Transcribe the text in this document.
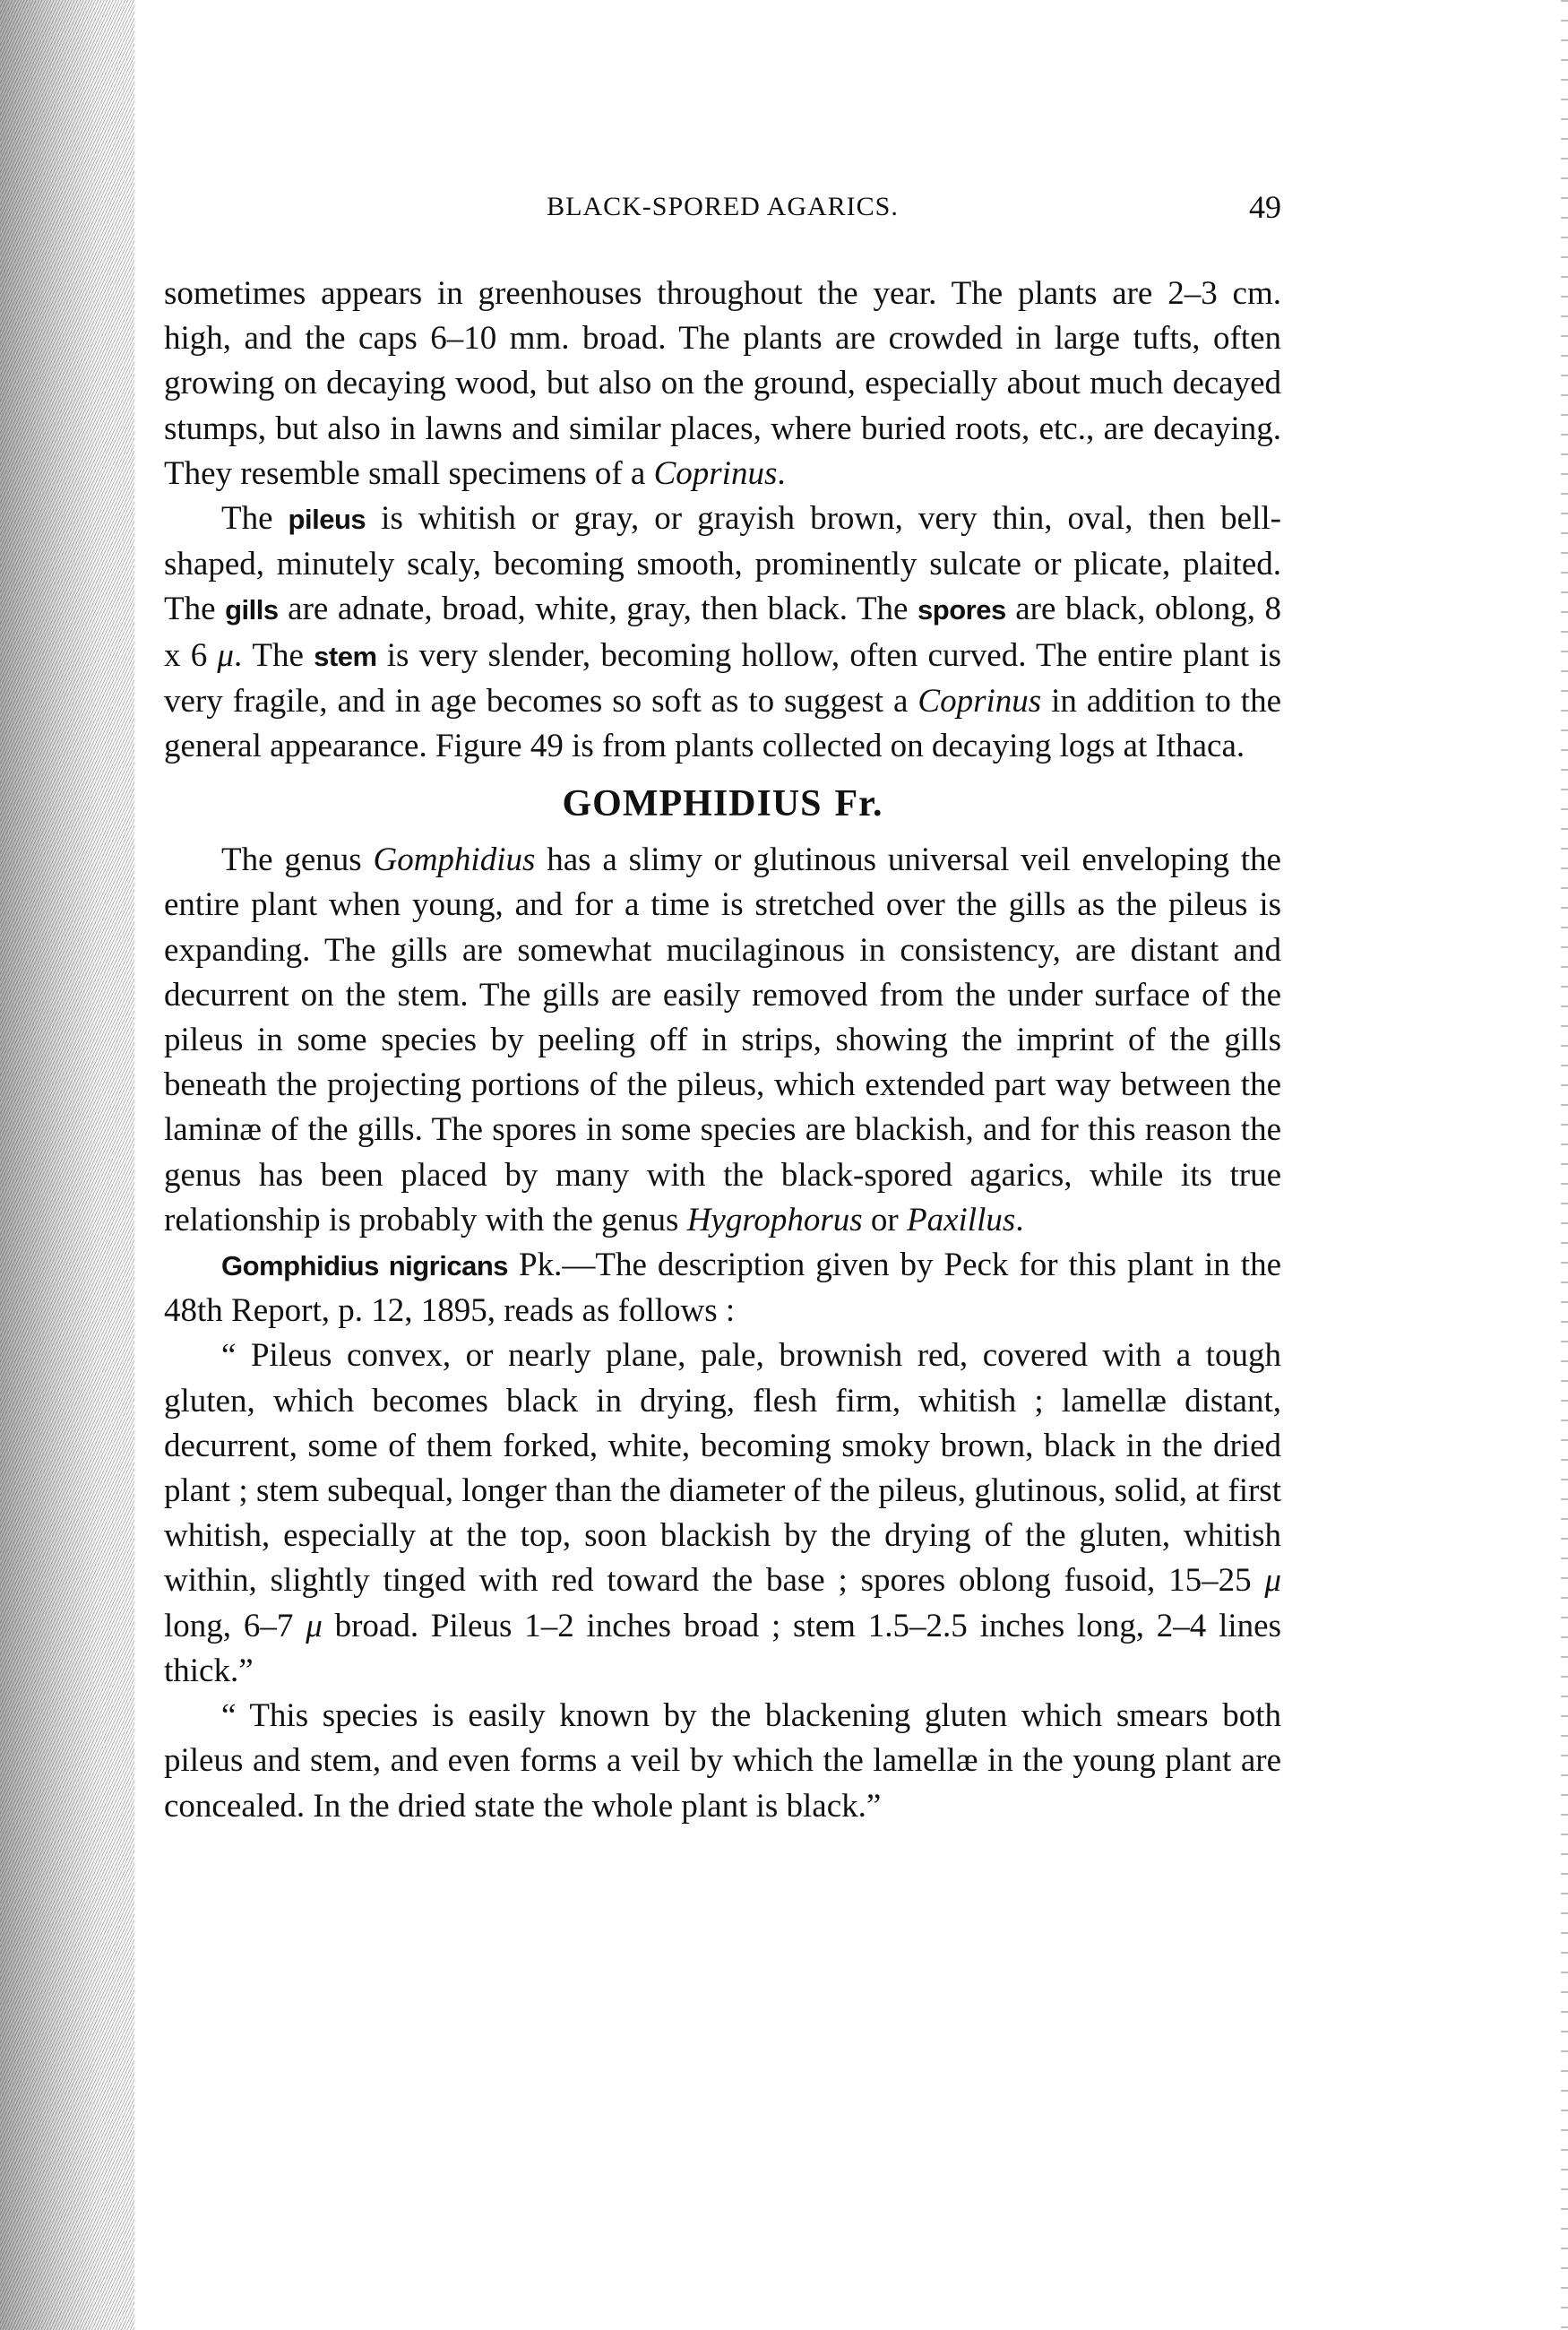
BLACK-SPORED AGARICS.	49

sometimes appears in greenhouses throughout the year. The plants are 2–3 cm. high, and the caps 6–10 mm. broad. The plants are crowded in large tufts, often growing on decaying wood, but also on the ground, especially about much decayed stumps, but also in lawns and similar places, where buried roots, etc., are decaying. They resemble small specimens of a Coprinus.

The pileus is whitish or gray, or grayish brown, very thin, oval, then bell-shaped, minutely scaly, becoming smooth, prominently sulcate or plicate, plaited. The gills are adnate, broad, white, gray, then black. The spores are black, oblong, 8 x 6 μ. The stem is very slender, becoming hollow, often curved. The entire plant is very fragile, and in age becomes so soft as to suggest a Coprinus in addition to the general appearance. Figure 49 is from plants collected on decaying logs at Ithaca.

GOMPHIDIUS Fr.

The genus Gomphidius has a slimy or glutinous universal veil enveloping the entire plant when young, and for a time is stretched over the gills as the pileus is expanding. The gills are somewhat mucilaginous in consistency, are distant and decurrent on the stem. The gills are easily removed from the under surface of the pileus in some species by peeling off in strips, showing the imprint of the gills beneath the projecting portions of the pileus, which extended part way between the laminæ of the gills. The spores in some species are blackish, and for this reason the genus has been placed by many with the black-spored agarics, while its true relationship is probably with the genus Hygrophorus or Paxillus.

Gomphidius nigricans Pk.—The description given by Peck for this plant in the 48th Report, p. 12, 1895, reads as follows :

“ Pileus convex, or nearly plane, pale, brownish red, covered with a tough gluten, which becomes black in drying, flesh firm, whitish ; lamellæ distant, decurrent, some of them forked, white, becoming smoky brown, black in the dried plant ; stem subequal, longer than the diameter of the pileus, glutinous, solid, at first whitish, especially at the top, soon blackish by the drying of the gluten, whitish within, slightly tinged with red toward the base ; spores oblong fusoid, 15–25 μ long, 6–7 μ broad. Pileus 1–2 inches broad ; stem 1.5–2.5 inches long, 2–4 lines thick.”

“ This species is easily known by the blackening gluten which smears both pileus and stem, and even forms a veil by which the lamellæ in the young plant are concealed. In the dried state the whole plant is black.”
